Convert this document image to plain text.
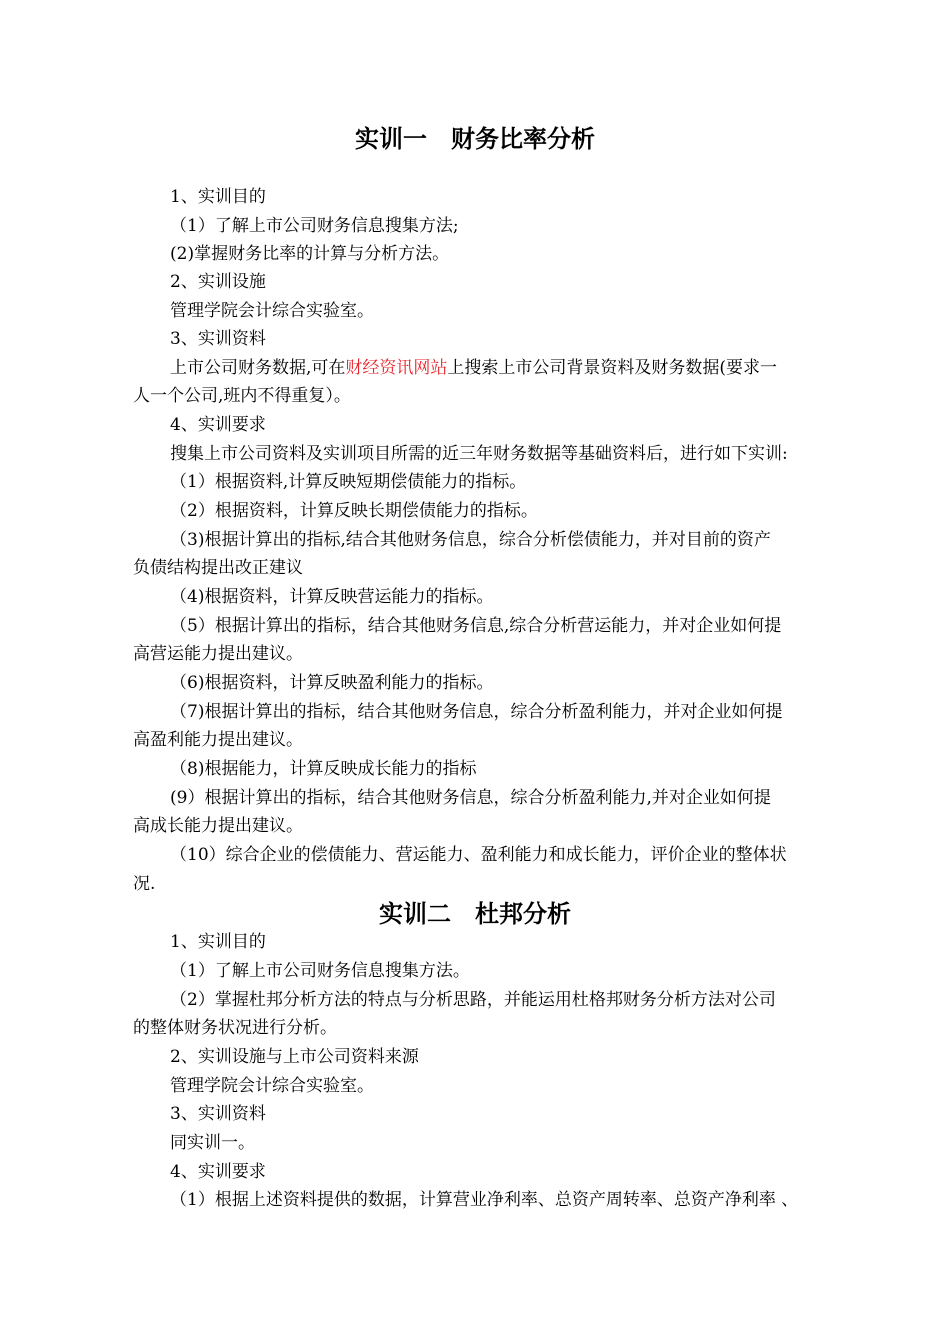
实训一　财务比率分析
1、实训目的
（1）了解上市公司财务信息搜集方法;
(2)掌握财务比率的计算与分析方法。
2、实训设施
管理学院会计综合实验室。
3、实训资料
上市公司财务数据,可在财经资讯网站上搜索上市公司背景资料及财务数据(要求一
人一个公司,班内不得重复）。
4、实训要求
搜集上市公司资料及实训项目所需的近三年财务数据等基础资料后，进行如下实训:
（1）根据资料,计算反映短期偿债能力的指标。
（2）根据资料，计算反映长期偿债能力的指标。
（3)根据计算出的指标,结合其他财务信息，综合分析偿债能力，并对目前的资产
负债结构提出改正建议
（4)根据资料，计算反映营运能力的指标。
（5）根据计算出的指标，结合其他财务信息,综合分析营运能力，并对企业如何提
高营运能力提出建议。
（6)根据资料，计算反映盈利能力的指标。
（7)根据计算出的指标，结合其他财务信息，综合分析盈利能力，并对企业如何提
高盈利能力提出建议。
（8)根据能力，计算反映成长能力的指标
(9）根据计算出的指标，结合其他财务信息，综合分析盈利能力,并对企业如何提
高成长能力提出建议。
（10）综合企业的偿债能力、营运能力、盈利能力和成长能力，评价企业的整体状
况.
实训二　杜邦分析
1、实训目的
（1）了解上市公司财务信息搜集方法。
（2）掌握杜邦分析方法的特点与分析思路，并能运用杜格邦财务分析方法对公司
的整体财务状况进行分析。
2、实训设施与上市公司资料来源
管理学院会计综合实验室。
3、实训资料
同实训一。
4、实训要求
（1）根据上述资料提供的数据，计算营业净利率、总资产周转率、总资产净利率 、
